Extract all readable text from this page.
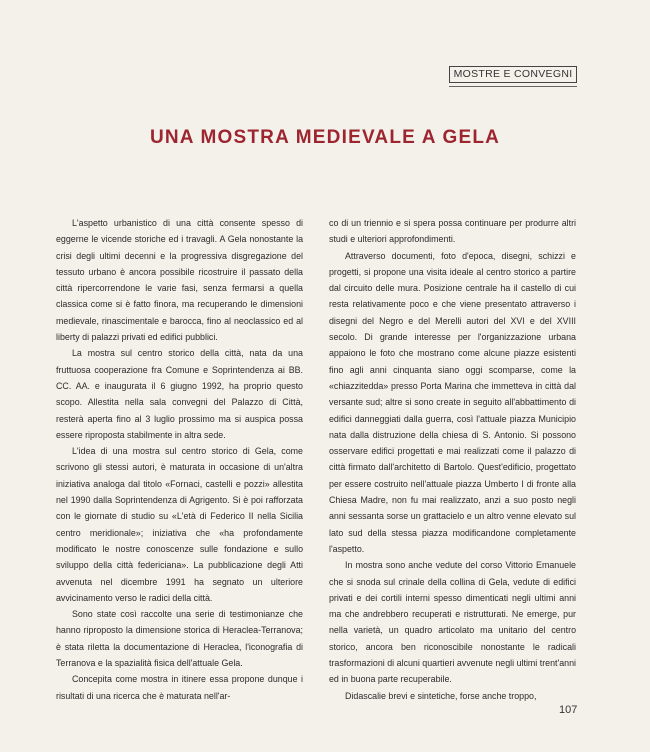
MOSTRE E CONVEGNI
UNA MOSTRA MEDIEVALE A GELA

L'aspetto urbanistico di una città consente spesso di eggerne le vicende storiche ed i travagli. A Gela nonostante la crisi degli ultimi decenni e la progressiva disgregazione del tessuto urbano è ancora possibile ricostruire il passato della città ripercorrendone le varie fasi, senza fermarsi a quella classica come si è fatto finora, ma recuperando le dimensioni medievale, rinascimentale e barocca, fino al neoclassico ed al liberty di palazzi privati ed edifici pubblici.

La mostra sul centro storico della città, nata da una fruttuosa cooperazione fra Comune e Soprintendenza ai BB. CC. AA. e inaugurata il 6 giugno 1992, ha proprio questo scopo. Allestita nella sala convegni del Palazzo di Città, resterà aperta fino al 3 luglio prossimo ma si auspica possa essere riproposta stabilmente in altra sede.

L'idea di una mostra sul centro storico di Gela, come scrivono gli stessi autori, è maturata in occasione di un'altra iniziativa analoga dal titolo «Fornaci, castelli e pozzi» allestita nel 1990 dalla Soprintendenza di Agrigento. Si è poi rafforzata con le giornate di studio su «L'età di Federico II nella Sicilia centro meridionale»; iniziativa che «ha profondamente modificato le nostre conoscenze sulle fondazione e sullo sviluppo della città federiciana». La pubblicazione degli Atti avvenuta nel dicembre 1991 ha segnato un ulteriore avvicinamento verso le radici della città.

Sono state così raccolte una serie di testimonianze che hanno riproposto la dimensione storica di Heraclea-Terranova; è stata riletta la documentazione di Heraclea, l'iconografia di Terranova e la spazialità fisica dell'attuale Gela.

Concepita come mostra in itinere essa propone dunque i risultati di una ricerca che è maturata nell'ar-

co di un triennio e si spera possa continuare per produrre altri studi e ulteriori approfondimenti.

Attraverso documenti, foto d'epoca, disegni, schizzi e progetti, si propone una visita ideale al centro storico a partire dal circuito delle mura. Posizione centrale ha il castello di cui resta relativamente poco e che viene presentato attraverso i disegni del Negro e del Merelli autori del XVI e del XVIII secolo. Di grande interesse per l'organizzazione urbana appaiono le foto che mostrano come alcune piazze esistenti fino agli anni cinquanta siano oggi scomparse, come la «chiazzitedda» presso Porta Marina che immetteva in città dal versante sud; altre si sono create in seguito all'abbattimento di edifici danneggiati dalla guerra, così l'attuale piazza Municipio nata dalla distruzione della chiesa di S. Antonio. Si possono osservare edifici progettati e mai realizzati come il palazzo di città firmato dall'architetto di Bartolo. Quest'edificio, progettato per essere costruito nell'attuale piazza Umberto I di fronte alla Chiesa Madre, non fu mai realizzato, anzi a suo posto negli anni sessanta sorse un grattacielo e un altro venne elevato sul lato sud della stessa piazza modificandone completamente l'aspetto.

In mostra sono anche vedute del corso Vittorio Emanuele che si snoda sul crinale della collina di Gela, vedute di edifici privati e dei cortili interni spesso dimenticati negli ultimi anni ma che andrebbero recuperati e ristrutturati. Ne emerge, pur nella varietà, un quadro articolato ma unitario del centro storico, ancora ben riconoscibile nonostante le radicali trasformazioni di alcuni quartieri avvenute negli ultimi trent'anni ed in buona parte recuperabile.

Didascalie brevi e sintetiche, forse anche troppo,

107
